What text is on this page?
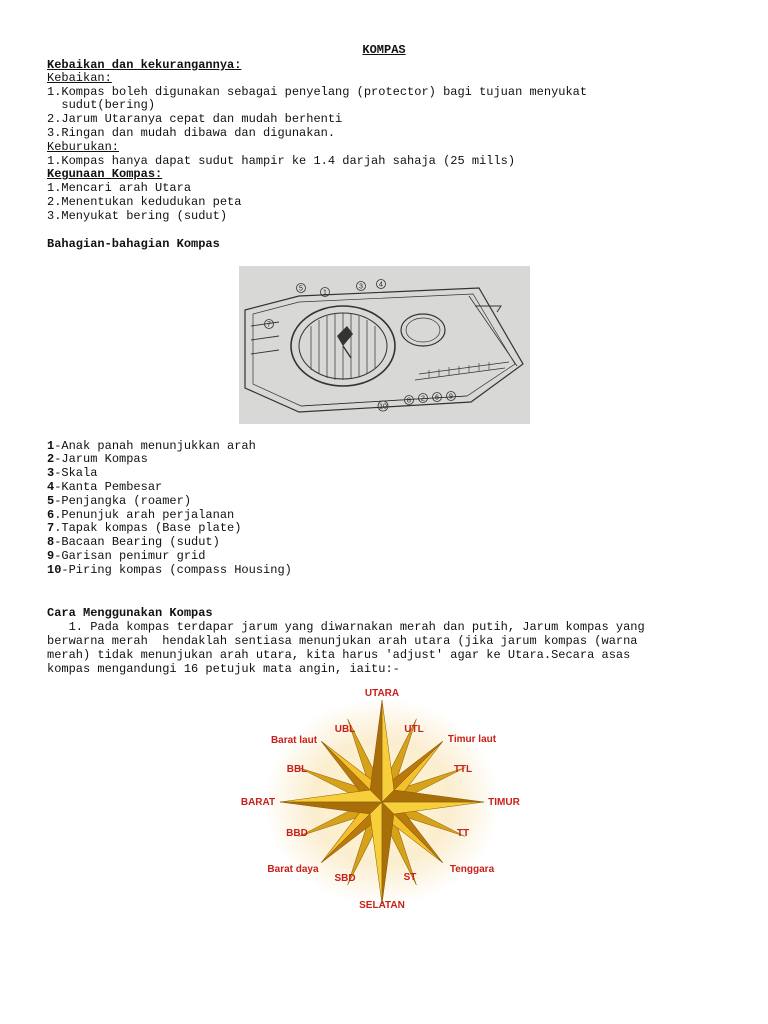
KOMPAS
Kebaikan dan kekurangannya:
Kebaikan:
1.Kompas boleh digunakan sebagai penyelang (protector) bagi tujuan menyukat
sudut(bering)
2.Jarum Utaranya cepat dan mudah berhenti
3.Ringan dan mudah dibawa dan digunakan.
Keburukan:
1.Kompas hanya dapat sudut hampir ke 1.4 darjah sahaja (25 mills)
Kegunaan Kompas:
1.Mencari arah Utara
2.Menentukan kedudukan peta
3.Menyukat bering (sudut)
Bahagian-bahagian Kompas
7
5
1
3 4
10
8 2 6 9
1-Anak panah menunjukkan arah
2-Jarum Kompas
3-Skala
4-Kanta Pembesar
5-Penjangka (roamer)
6.Penunjuk arah perjalanan
7.Tapak kompas (Base plate)
8-Bacaan Bearing (sudut)
9-Garisan penimur grid
10-Piring kompas (compass Housing)
Cara Menggunakan Kompas
1. Pada kompas terdapar jarum yang diwarnakan merah dan putih, Jarum kompas yang
berwarna merah  hendaklah sentiasa menunjukan arah utara (jika jarum kompas (warna
merah) tidak menunjukan arah utara, kita harus 'adjust' agar ke Utara.Secara asas
kompas mengandungi 16 petujuk mata angin, iaitu:-
UTARA
UBL	UTL
Barat laut	Timur laut
BBL	TTL
BARAT	TIMUR
BBD	TT
Barat daya	Tenggara
SBD	ST
SELATAN
